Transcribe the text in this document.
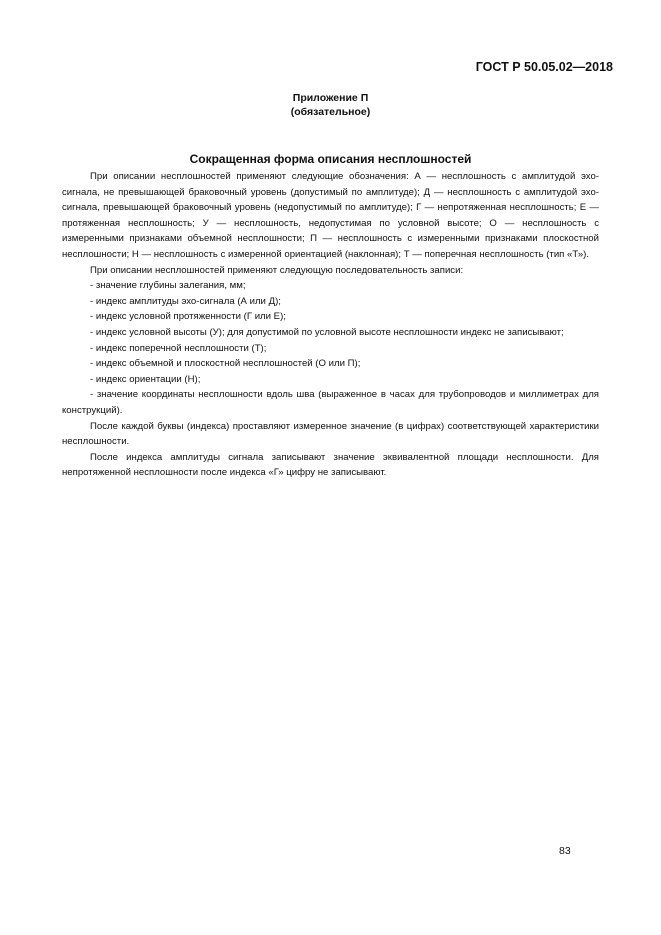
ГОСТ Р 50.05.02—2018
Приложение П
(обязательное)
Сокращенная форма описания несплошностей

При описании несплошностей применяют следующие обозначения: А — несплошность с амплитудой эхо-сигнала, не превышающей браковочный уровень (допустимый по амплитуде); Д — несплошность с амплитудой эхо-сигнала, превышающей браковочный уровень (недопустимый по амплитуде); Г — непротяженная несплошность; Е — протяженная несплошность; У — несплошность, недопустимая по условной высоте; О — несплошность с измеренными признаками объемной несплошности; П — несплошность с измеренными признаками плоскостной несплошности; Н — несплошность с измеренной ориентацией (наклонная); Т — поперечная несплошность (тип «Т»).

При описании несплошностей применяют следующую последовательность записи:

- значение глубины залегания, мм;

- индекс амплитуды эхо-сигнала (А или Д);

- индекс условной протяженности (Г или Е);

- индекс условной высоты (У); для допустимой по условной высоте несплошности индекс не записывают;

- индекс поперечной несплошности (Т);

- индекс объемной и плоскостной несплошностей (О или П);

- индекс ориентации (Н);

- значение координаты несплошности вдоль шва (выраженное в часах для трубопроводов и миллиметрах для конструкций).

После каждой буквы (индекса) проставляют измеренное значение (в цифрах) соответствующей характеристики несплошности.

После индекса амплитуды сигнала записывают значение эквивалентной площади несплошности. Для непротяженной несплошности после индекса «Г» цифру не записывают.

83
